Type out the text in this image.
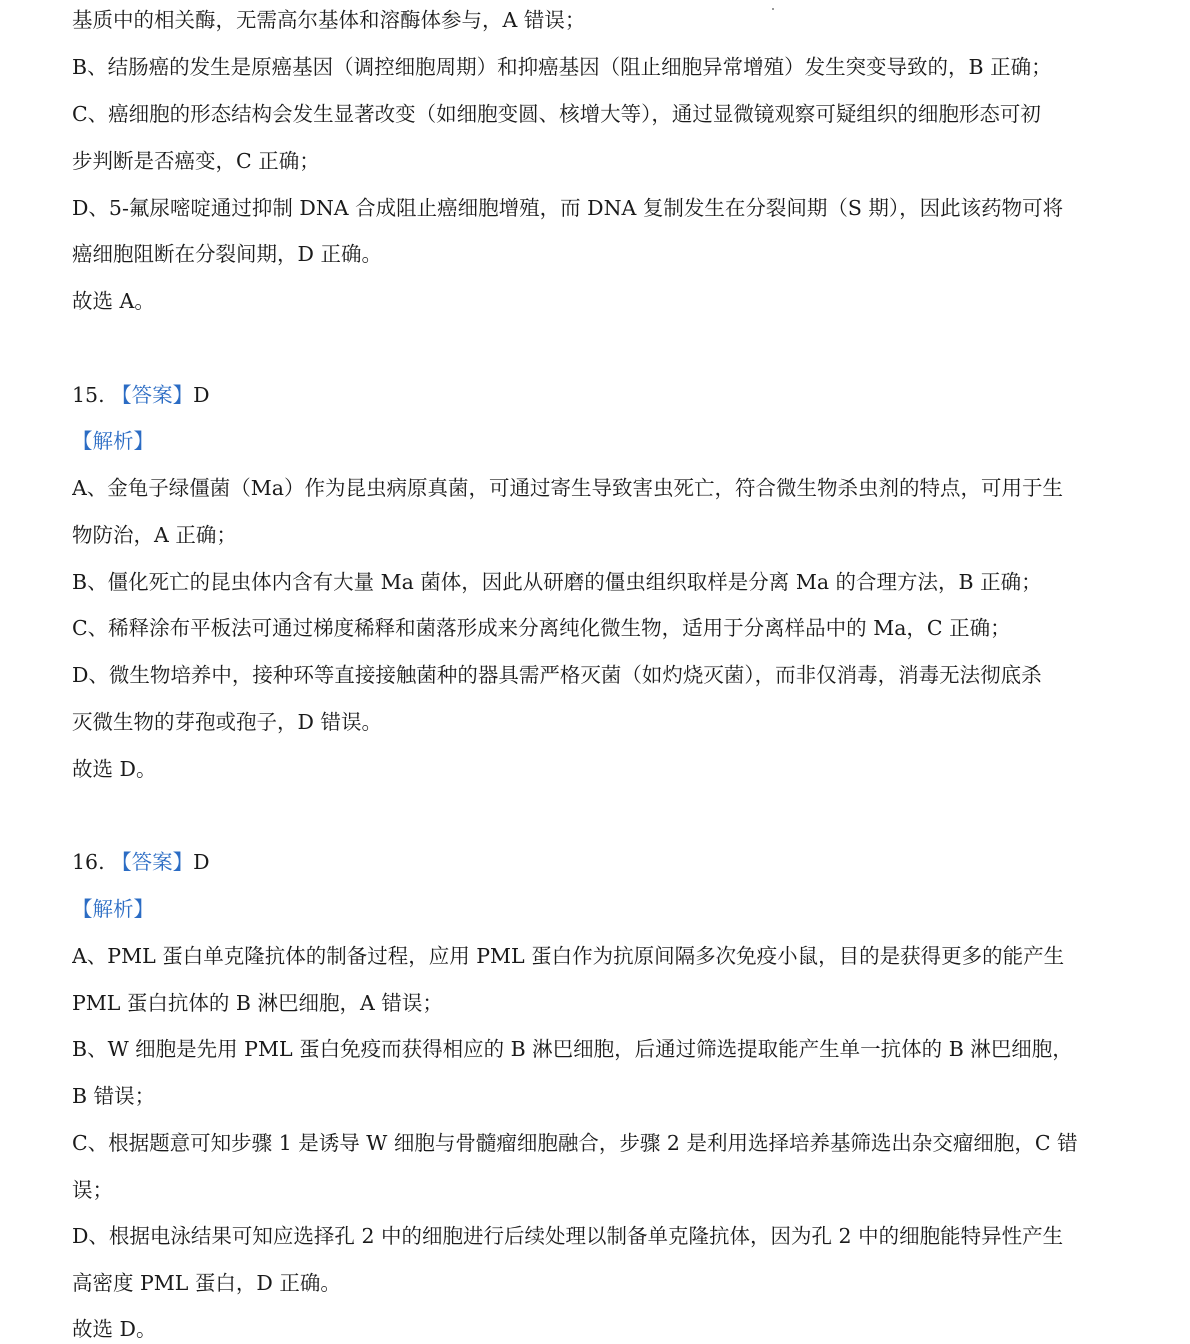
基质中的相关酶，无需高尔基体和溶酶体参与，A 错误；
B、结肠癌的发生是原癌基因（调控细胞周期）和抑癌基因（阻止细胞异常增殖）发生突变导致的，B 正确；
C、癌细胞的形态结构会发生显著改变（如细胞变圆、核增大等），通过显微镜观察可疑组织的细胞形态可初
步判断是否癌变，C 正确；
D、5-氟尿嘧啶通过抑制 DNA 合成阻止癌细胞增殖，而 DNA 复制发生在分裂间期（S 期），因此该药物可将
癌细胞阻断在分裂间期，D 正确。
故选 A。
15. 【答案】D
【解析】
A、金龟子绿僵菌（Ma）作为昆虫病原真菌，可通过寄生导致害虫死亡，符合微生物杀虫剂的特点，可用于生
物防治，A 正确；
B、僵化死亡的昆虫体内含有大量 Ma 菌体，因此从研磨的僵虫组织取样是分离 Ma 的合理方法，B 正确；
C、稀释涂布平板法可通过梯度稀释和菌落形成来分离纯化微生物，适用于分离样品中的 Ma，C 正确；
D、微生物培养中，接种环等直接接触菌种的器具需严格灭菌（如灼烧灭菌），而非仅消毒，消毒无法彻底杀
灭微生物的芽孢或孢子，D 错误。
故选 D。
16. 【答案】D
【解析】
A、PML 蛋白单克隆抗体的制备过程，应用 PML 蛋白作为抗原间隔多次免疫小鼠，目的是获得更多的能产生
PML 蛋白抗体的 B 淋巴细胞，A 错误；
B、W 细胞是先用 PML 蛋白免疫而获得相应的 B 淋巴细胞，后通过筛选提取能产生单一抗体的 B 淋巴细胞，
B 错误；
C、根据题意可知步骤 1 是诱导 W 细胞与骨髓瘤细胞融合，步骤 2 是利用选择培养基筛选出杂交瘤细胞，C 错
误；
D、根据电泳结果可知应选择孔 2 中的细胞进行后续处理以制备单克隆抗体，因为孔 2 中的细胞能特异性产生
高密度 PML 蛋白，D 正确。
故选 D。
